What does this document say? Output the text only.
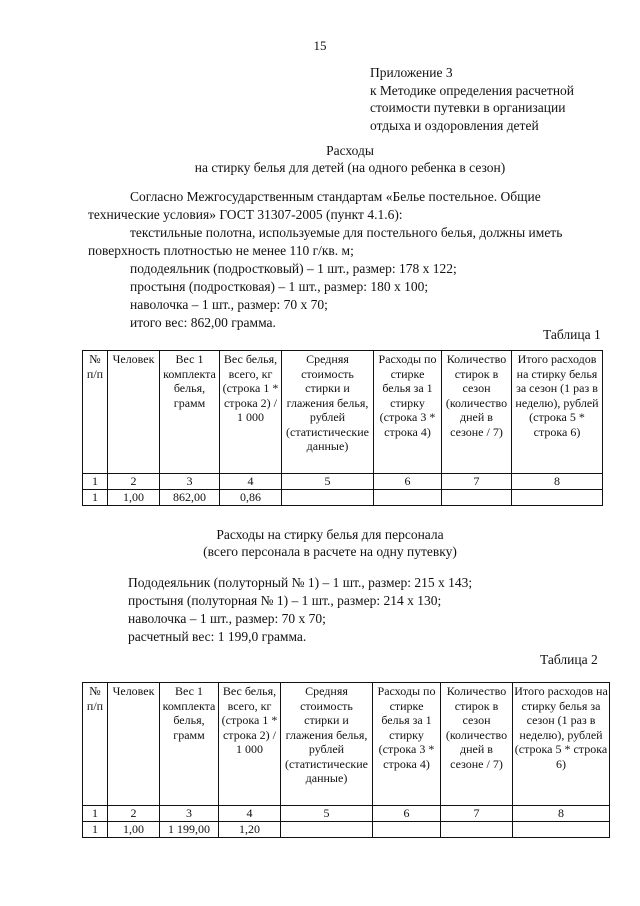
15
Приложение 3
к Методике определения расчетной
стоимости путевки в организации
отдыха и оздоровления детей
Расходы
на стирку белья для детей (на одного ребенка в сезон)
Согласно Межгосударственным стандартам «Белье постельное. Общие
технические условия» ГОСТ 31307-2005 (пункт 4.1.6):
текстильные полотна, используемые для постельного белья, должны иметь
поверхность плотностью не менее 110 г/кв. м;
пододеяльник (подростковый) – 1 шт., размер: 178 х 122;
простыня (подростковая) – 1 шт., размер: 180 х 100;
наволочка – 1 шт., размер: 70 х 70;
итого вес: 862,00 грамма.
Таблица 1
№ п/п	Человек	Вес 1 комплекта белья, грамм	Вес белья, всего, кг (строка 1 * строка 2) / 1 000	Средняя стоимость стирки и глажения белья, рублей (статистические данные)	Расходы по стирке белья за 1 стирку (строка 3 * строка 4)	Количество стирок в сезон (количество дней в сезоне / 7)	Итого расходов на стирку белья за сезон (1 раз в неделю), рублей (строка 5 * строка 6)
1	2	3	4	5	6	7	8
1	1,00	862,00	0,86				
Расходы на стирку белья для персонала
(всего персонала в расчете на одну путевку)
Пододеяльник (полуторный № 1) – 1 шт., размер: 215 х 143;
простыня (полуторная № 1) – 1 шт., размер: 214 х 130;
наволочка – 1 шт., размер: 70 х 70;
расчетный вес: 1 199,0 грамма.
Таблица 2
№ п/п	Человек	Вес 1 комплекта белья, грамм	Вес белья, всего, кг (строка 1 * строка 2) / 1 000	Средняя стоимость стирки и глажения белья, рублей (статистические данные)	Расходы по стирке белья за 1 стирку (строка 3 * строка 4)	Количество стирок в сезон (количество дней в сезоне / 7)	Итого расходов на стирку белья за сезон (1 раз в неделю), рублей (строка 5 * строка 6)
1	2	3	4	5	6	7	8
1	1,00	1 199,00	1,20				
